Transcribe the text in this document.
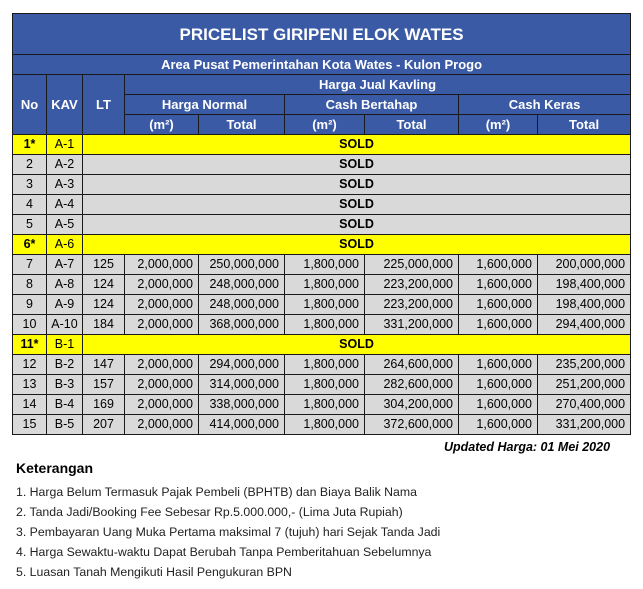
PRICELIST GIRIPENI ELOK WATES								
Area Pusat Pemerintahan Kota Wates - Kulon Progo								
No	KAV	LT	Harga Jual Kavling					
			Harga Normal		Cash Bertahap		Cash Keras	
			(m²)	Total	(m²)	Total	(m²)	Total
1*	A-1	SOLD						
2	A-2	SOLD						
3	A-3	SOLD						
4	A-4	SOLD						
5	A-5	SOLD						
6*	A-6	SOLD						
7	A-7	125	2,000,000	250,000,000	1,800,000	225,000,000	1,600,000	200,000,000
8	A-8	124	2,000,000	248,000,000	1,800,000	223,200,000	1,600,000	198,400,000
9	A-9	124	2,000,000	248,000,000	1,800,000	223,200,000	1,600,000	198,400,000
10	A-10	184	2,000,000	368,000,000	1,800,000	331,200,000	1,600,000	294,400,000
11*	B-1	SOLD						
12	B-2	147	2,000,000	294,000,000	1,800,000	264,600,000	1,600,000	235,200,000
13	B-3	157	2,000,000	314,000,000	1,800,000	282,600,000	1,600,000	251,200,000
14	B-4	169	2,000,000	338,000,000	1,800,000	304,200,000	1,600,000	270,400,000
15	B-5	207	2,000,000	414,000,000	1,800,000	372,600,000	1,600,000	331,200,000
Updated Harga: 01 Mei 2020
Keterangan
1. Harga Belum Termasuk Pajak Pembeli (BPHTB) dan Biaya Balik Nama
2. Tanda Jadi/Booking Fee Sebesar Rp.5.000.000,- (Lima Juta Rupiah)
3. Pembayaran Uang Muka Pertama maksimal 7 (tujuh) hari Sejak Tanda Jadi
4. Harga Sewaktu-waktu Dapat Berubah Tanpa Pemberitahuan Sebelumnya
5. Luasan Tanah Mengikuti Hasil Pengukuran BPN
